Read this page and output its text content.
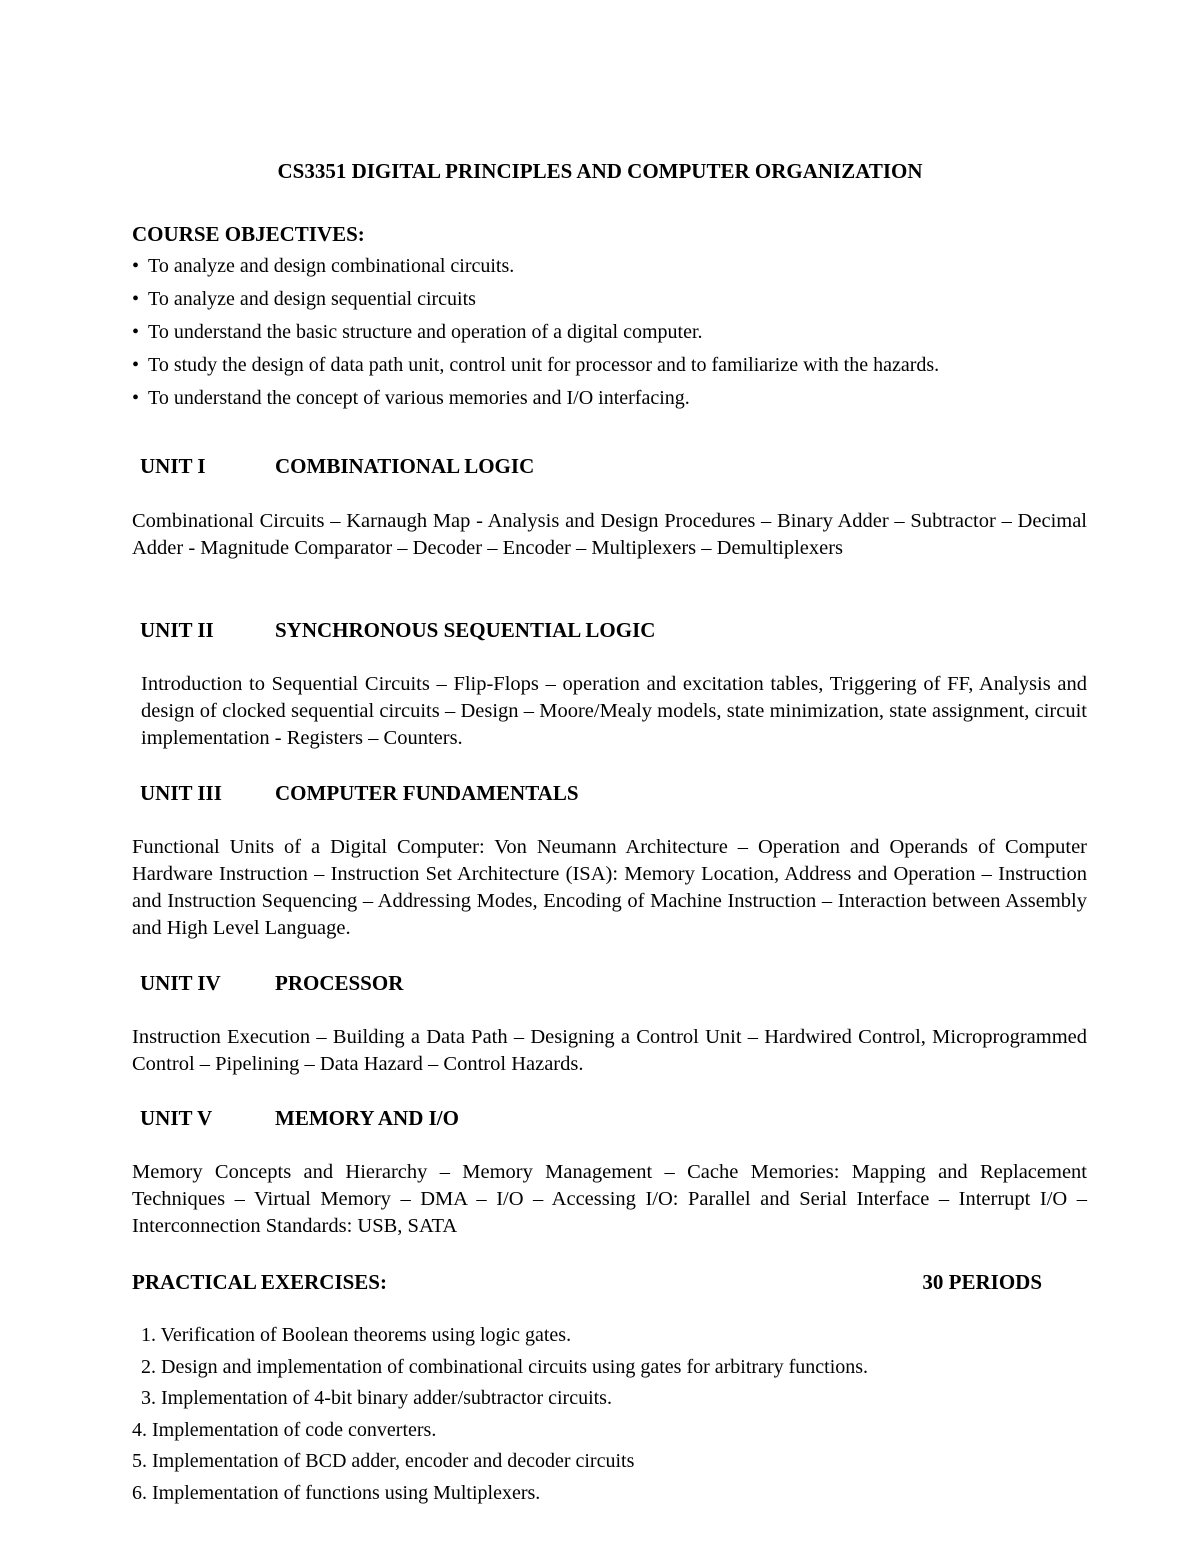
CS3351 DIGITAL PRINCIPLES AND COMPUTER ORGANIZATION
COURSE OBJECTIVES:
• To analyze and design combinational circuits.
• To analyze and design sequential circuits
• To understand the basic structure and operation of a digital computer.
• To study the design of data path unit, control unit for processor and to familiarize with the hazards.
• To understand the concept of various memories and I/O interfacing.
UNIT I	COMBINATIONAL LOGIC

Combinational Circuits – Karnaugh Map - Analysis and Design Procedures – Binary Adder – Subtractor – Decimal Adder - Magnitude Comparator – Decoder – Encoder – Multiplexers – Demultiplexers

UNIT II	SYNCHRONOUS SEQUENTIAL LOGIC

Introduction to Sequential Circuits – Flip-Flops – operation and excitation tables, Triggering of FF, Analysis and design of clocked sequential circuits – Design – Moore/Mealy models, state minimization, state assignment, circuit implementation - Registers – Counters.

UNIT III	COMPUTER FUNDAMENTALS

Functional Units of a Digital Computer: Von Neumann Architecture – Operation and Operands of Computer Hardware Instruction – Instruction Set Architecture (ISA): Memory Location, Address and Operation – Instruction and Instruction Sequencing – Addressing Modes, Encoding of Machine Instruction – Interaction between Assembly and High Level Language.

UNIT IV	PROCESSOR

Instruction Execution – Building a Data Path – Designing a Control Unit – Hardwired Control, Microprogrammed Control – Pipelining – Data Hazard – Control Hazards.

UNIT V	MEMORY AND I/O

Memory Concepts and Hierarchy – Memory Management – Cache Memories: Mapping and Replacement Techniques – Virtual Memory – DMA – I/O – Accessing I/O: Parallel and Serial Interface – Interrupt I/O – Interconnection Standards: USB, SATA

PRACTICAL EXERCISES:	30 PERIODS
1. Verification of Boolean theorems using logic gates.
2. Design and implementation of combinational circuits using gates for arbitrary functions.
3. Implementation of 4-bit binary adder/subtractor circuits.
4. Implementation of code converters.
5. Implementation of BCD adder, encoder and decoder circuits
6. Implementation of functions using Multiplexers.
